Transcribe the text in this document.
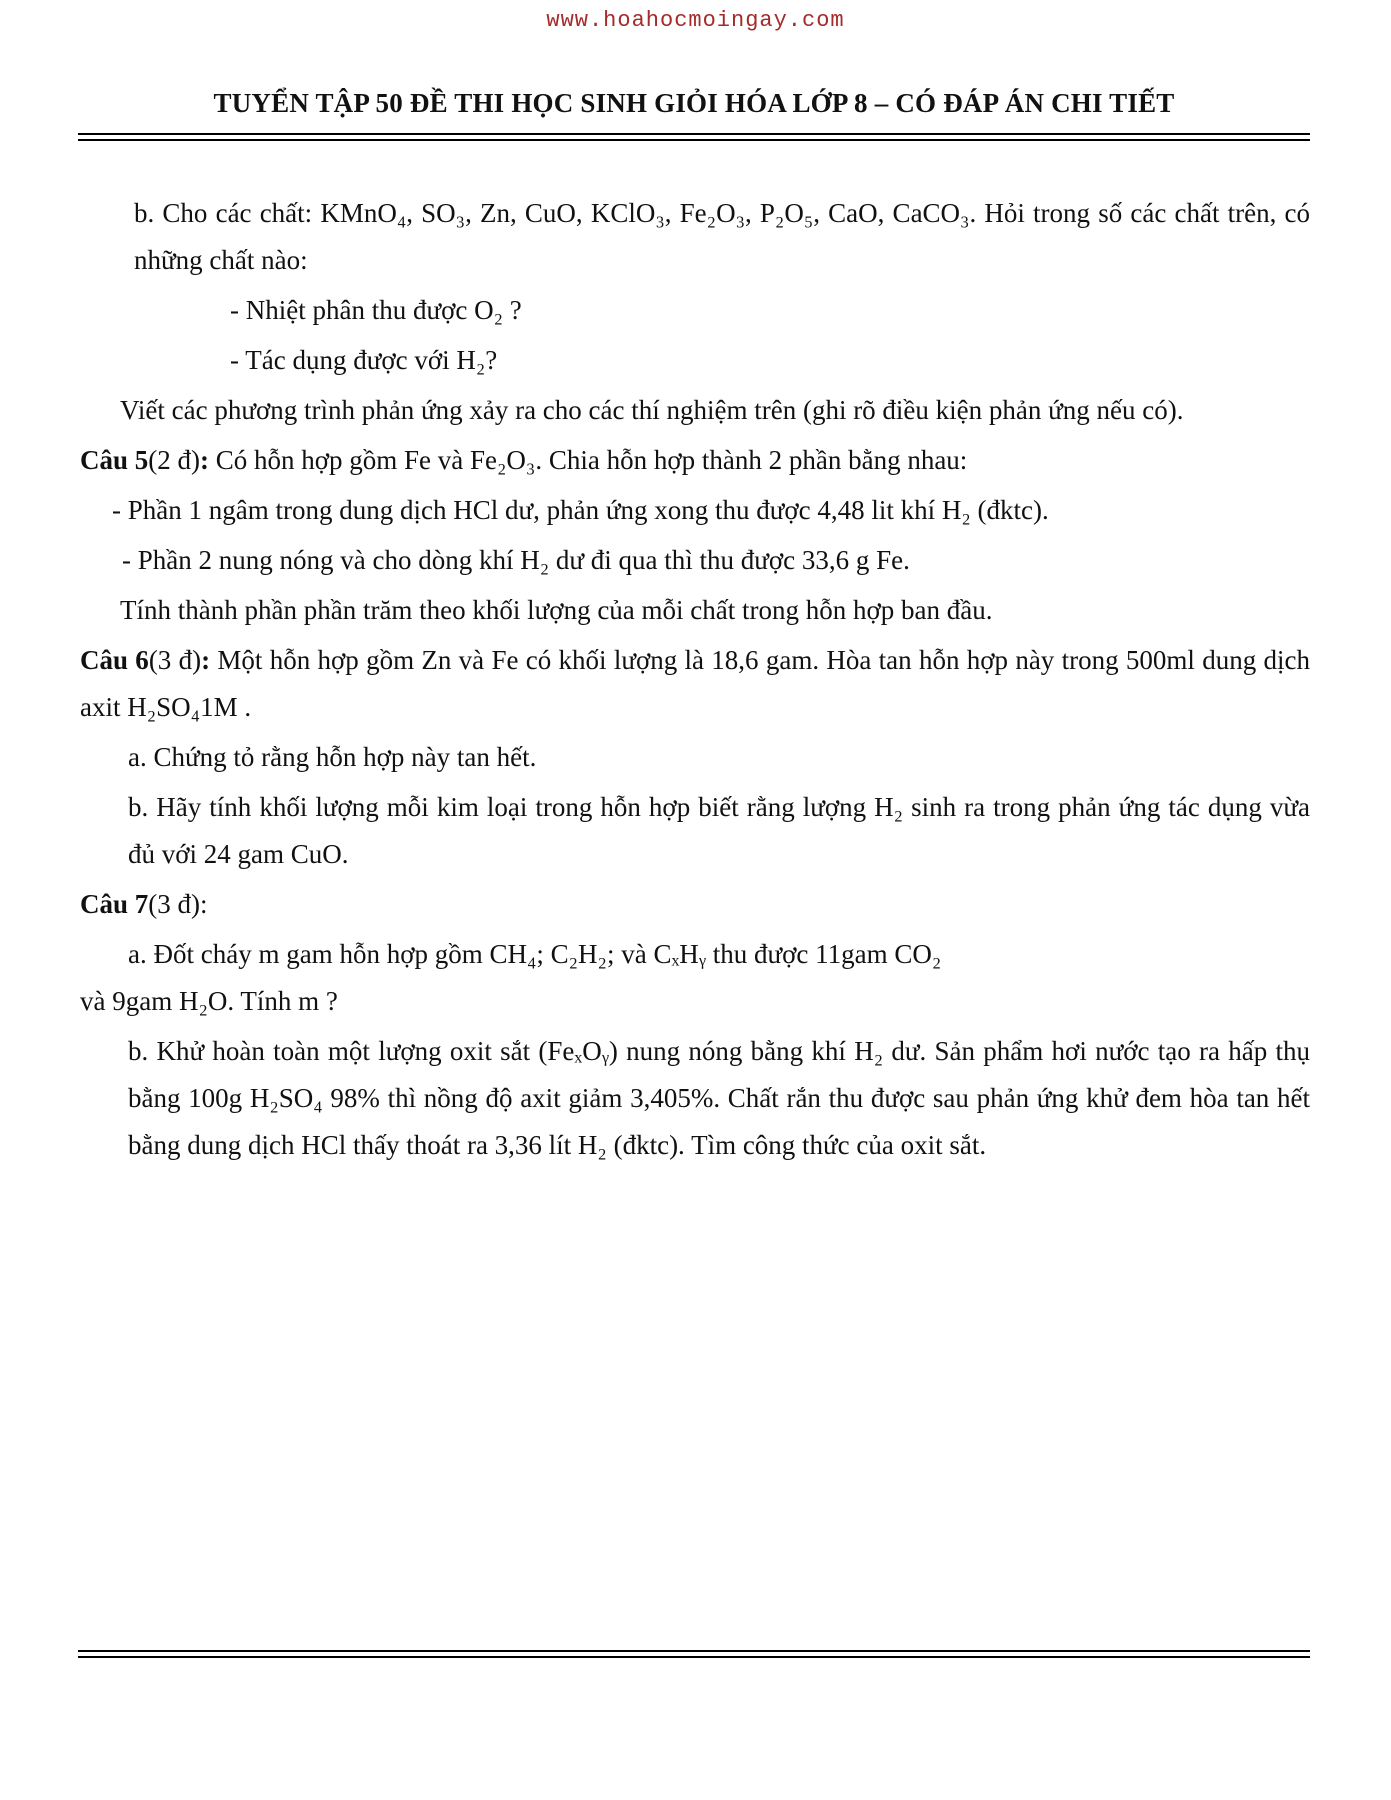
www.hoahocmoingay.com
TUYỂN TẬP 50 ĐỀ THI HỌC SINH GIỎI HÓA LỚP 8 – CÓ ĐÁP ÁN CHI TIẾT

b. Cho các chất: KMnO₄, SO₃, Zn, CuO, KClO₃, Fe₂O₃, P₂O₅, CaO, CaCO₃. Hỏi trong số các chất trên, có những chất nào:

- Nhiệt phân thu được O₂ ?

- Tác dụng được với H₂?

Viết các phương trình phản ứng xảy ra cho các thí nghiệm trên (ghi rõ điều kiện phản ứng nếu có).

Câu 5(2 đ): Có hỗn hợp gồm Fe và Fe₂O₃. Chia hỗn hợp thành 2 phần bằng nhau:

- Phần 1 ngâm trong dung dịch HCl dư, phản ứng xong thu được 4,48 lit khí H₂ (đktc).

- Phần 2 nung nóng và cho dòng khí H₂ dư đi qua thì thu được 33,6 g Fe.

Tính thành phần phần trăm theo khối lượng của mỗi chất trong hỗn hợp ban đầu.

Câu 6(3 đ): Một hỗn hợp gồm Zn và Fe có khối lượng là 18,6 gam. Hòa tan hỗn hợp này trong 500ml dung dịch axit H₂SO₄1M .

a. Chứng tỏ rằng hỗn hợp này tan hết.

b. Hãy tính khối lượng mỗi kim loại trong hỗn hợp biết rằng lượng H₂ sinh ra trong phản ứng tác dụng vừa đủ với 24 gam CuO.

Câu 7(3 đ):

a. Đốt cháy m gam hỗn hợp gồm CH₄; C₂H₂; và CₓHᵧ thu được 11gam CO₂

và 9gam H₂O. Tính m ?

b. Khử hoàn toàn một lượng oxit sắt (FeₓOᵧ) nung nóng bằng khí H₂ dư. Sản phẩm hơi nước tạo ra hấp thụ bằng 100g H₂SO₄ 98% thì nồng độ axit giảm 3,405%. Chất rắn thu được sau phản ứng khử đem hòa tan hết bằng dung dịch HCl thấy thoát ra 3,36 lít H₂ (đktc). Tìm công thức của oxit sắt.
